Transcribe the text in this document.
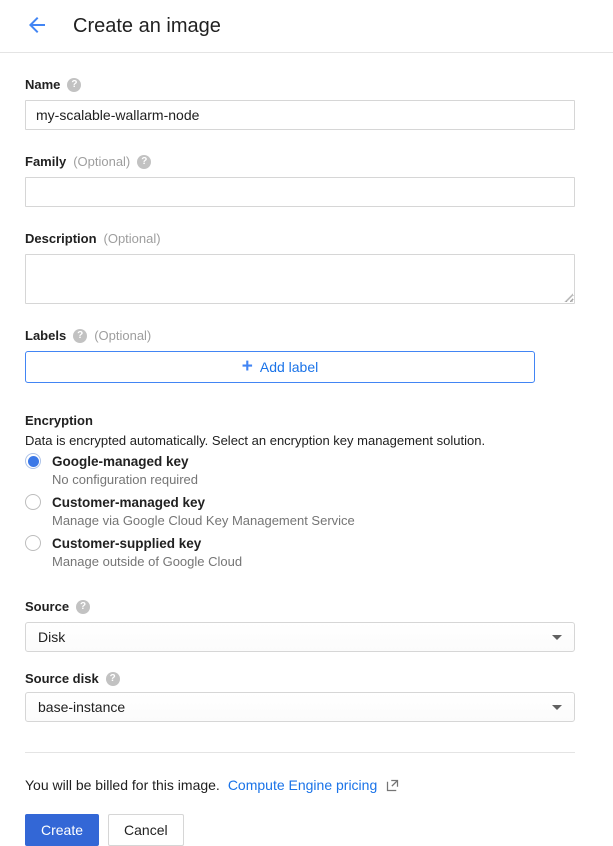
Create an image
Name	?
my-scalable-wallarm-node
Family (Optional)	?
Description (Optional)
Labels	? (Optional)
+ Add label
Encryption
Data is encrypted automatically. Select an encryption key management solution.
Google-managed key
No configuration required
Customer-managed key
Manage via Google Cloud Key Management Service
Customer-supplied key
Manage outside of Google Cloud
Source	?
Disk
Source disk	?
base-instance
You will be billed for this image. Compute Engine pricing
Create	Cancel
